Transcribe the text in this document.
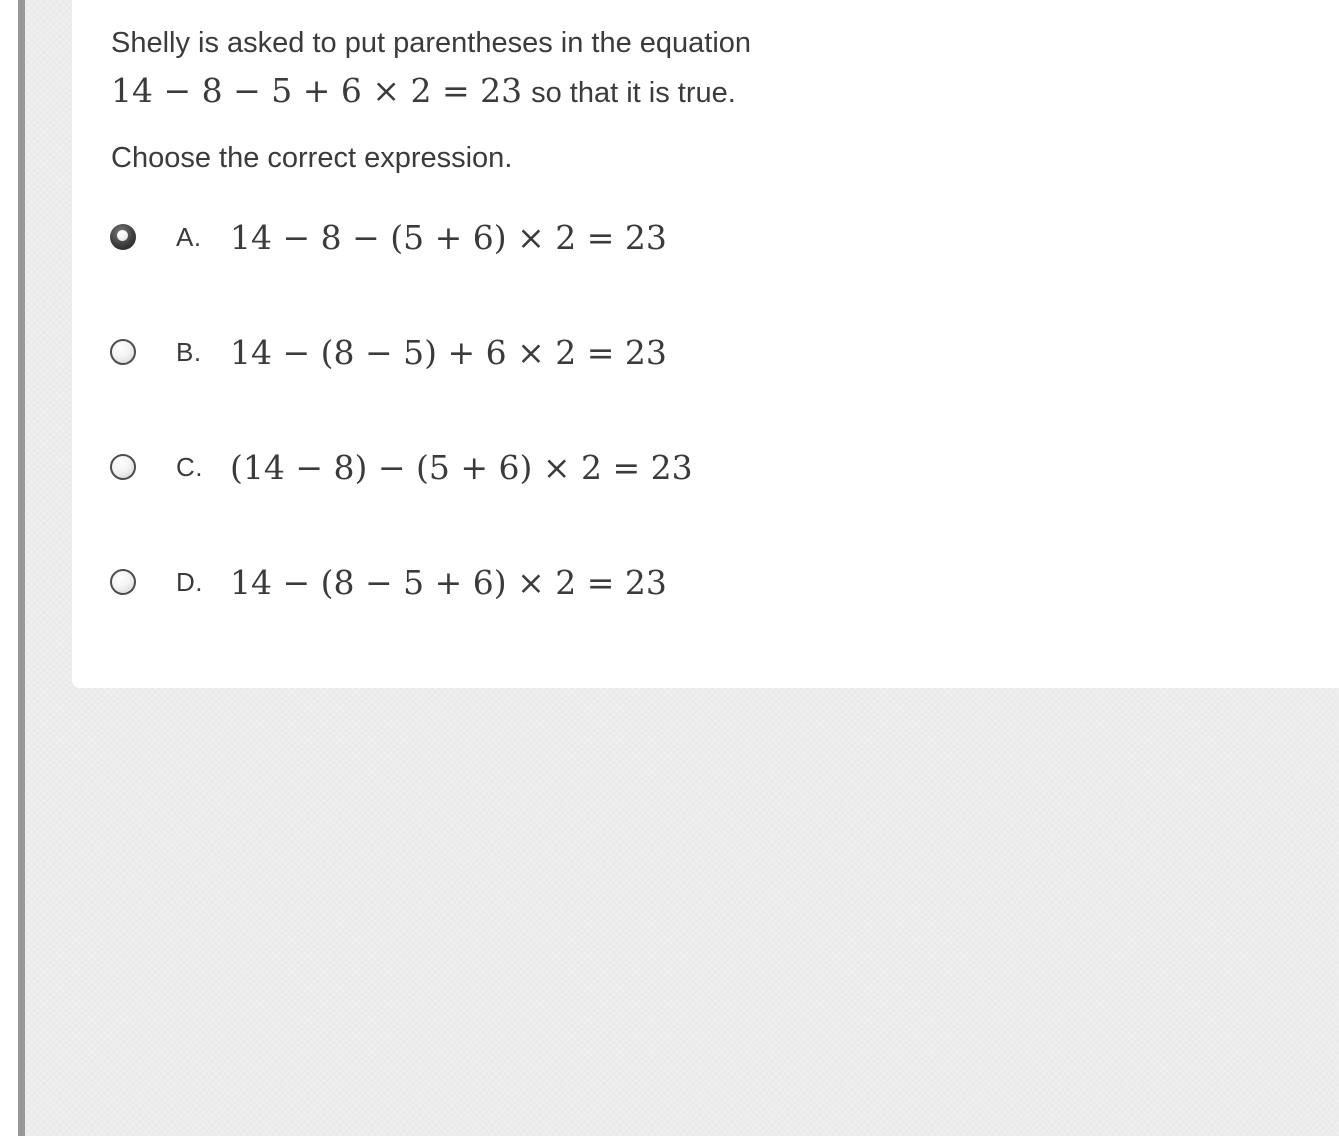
Shelly is asked to put parentheses in the equation
14 − 8 − 5 + 6 × 2 = 23 so that it is true.
Choose the correct expression.
A. 14 − 8 − (5 + 6) × 2 = 23
B. 14 − (8 − 5) + 6 × 2 = 23
C. (14 − 8) − (5 + 6) × 2 = 23
D. 14 − (8 − 5 + 6) × 2 = 23
